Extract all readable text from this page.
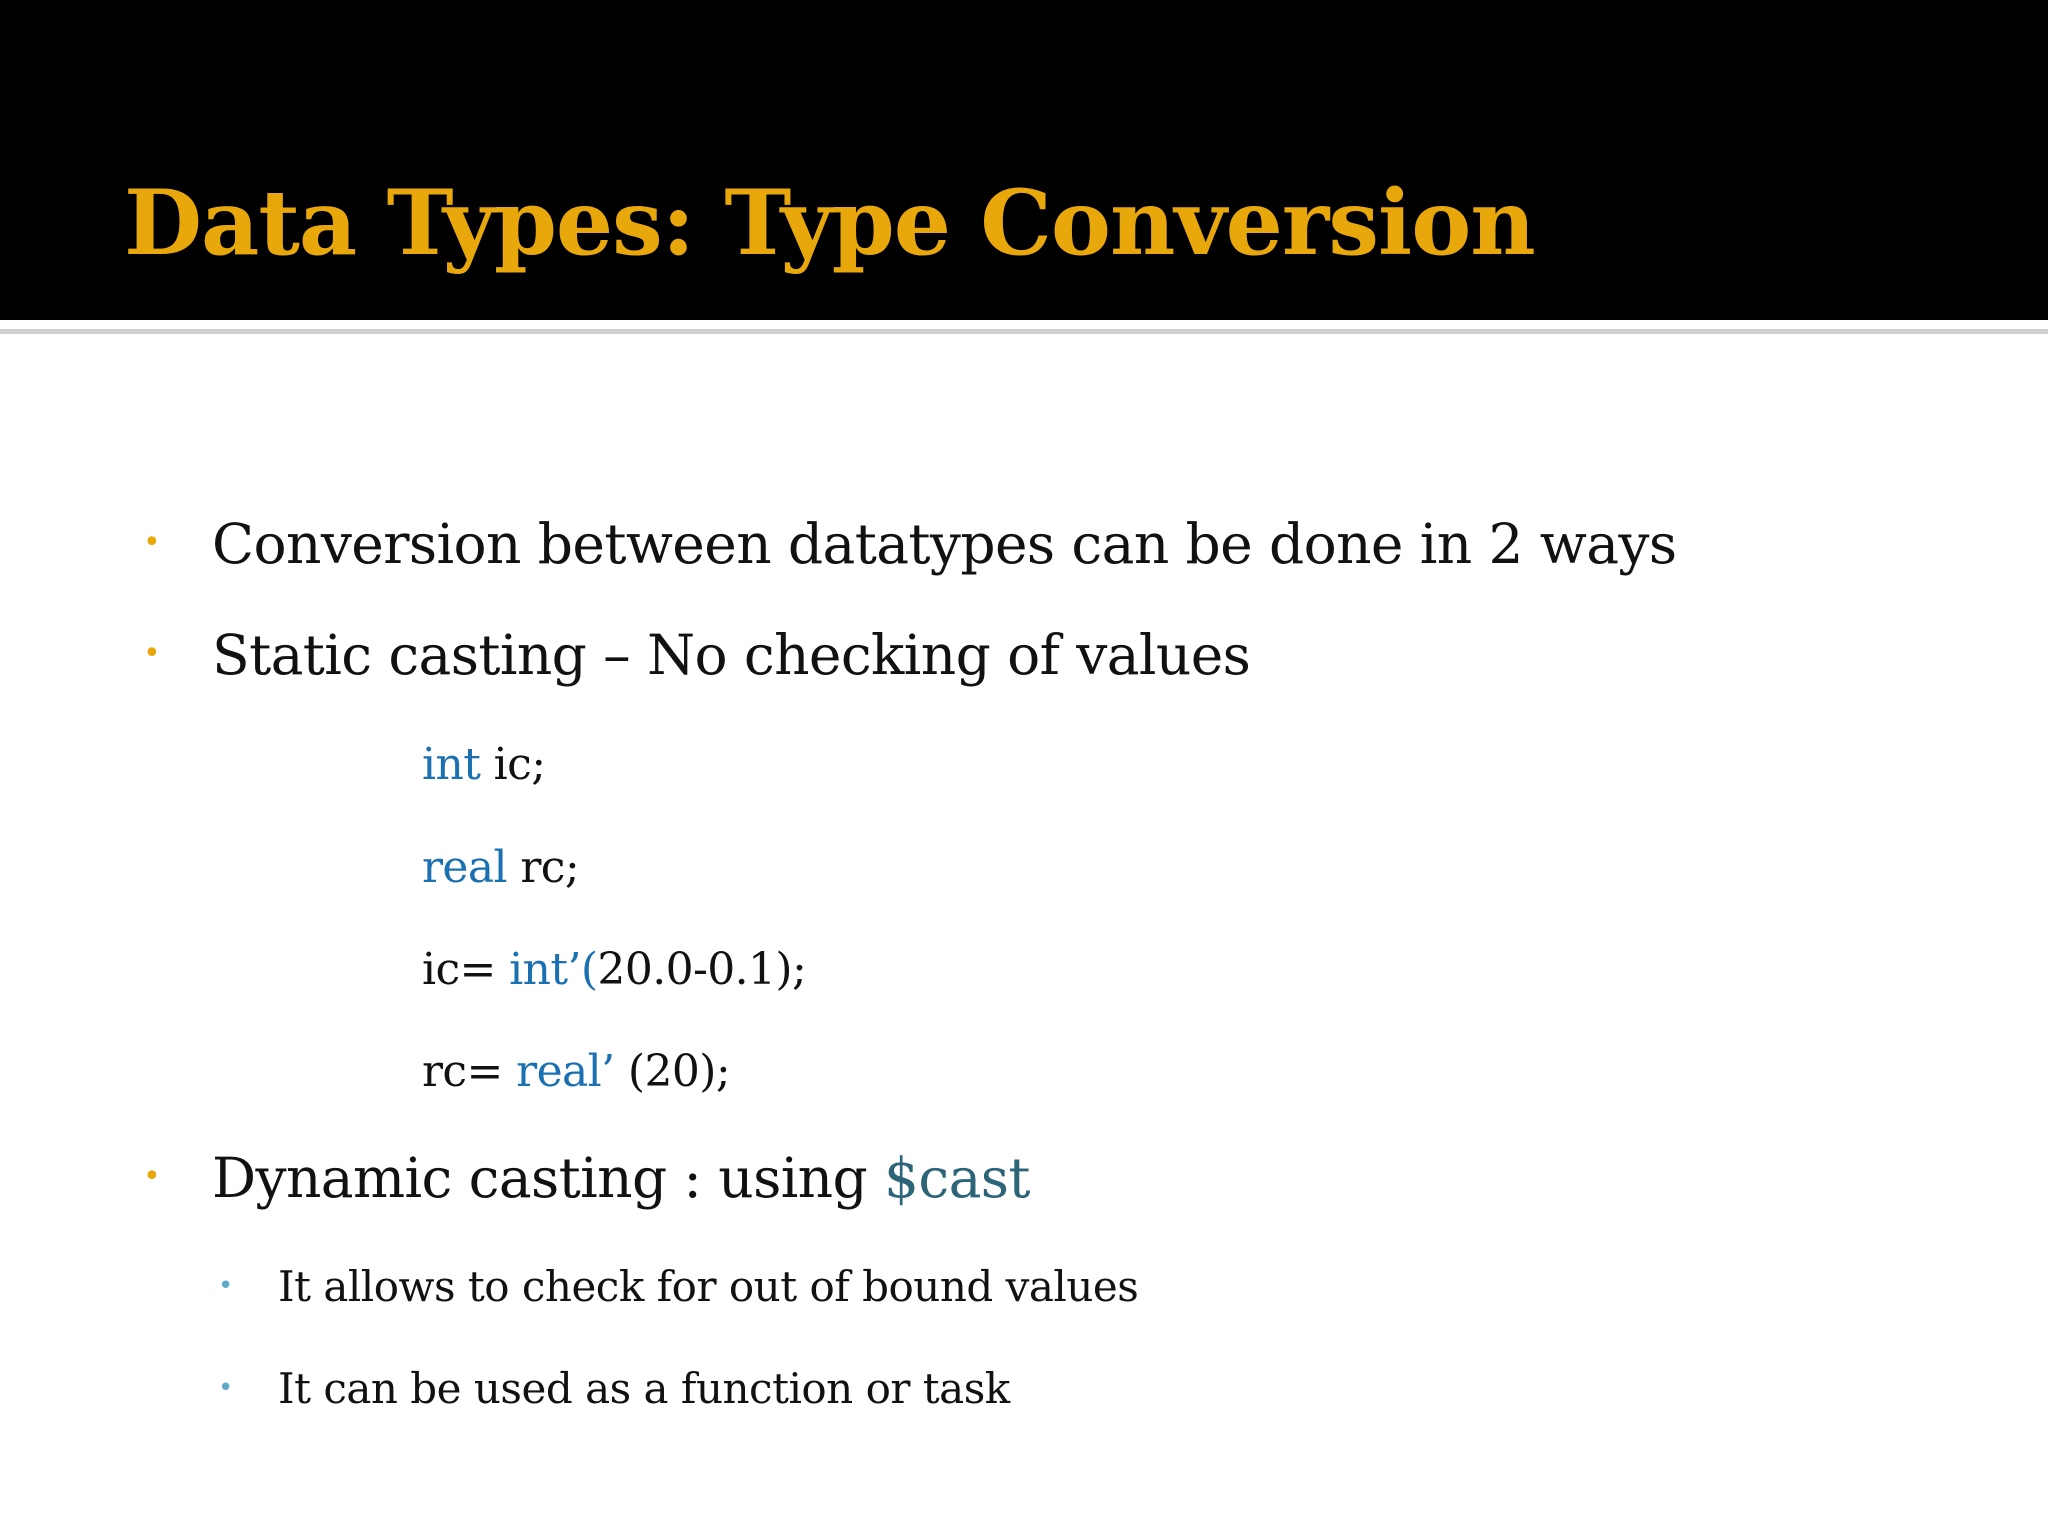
Data Types: Type Conversion
• Conversion between datatypes can be done in 2 ways
• Static casting – No checking of values
int ic;
real rc;
ic= int’(20.0-0.1);
rc= real’ (20);
• Dynamic casting : using $cast
• It allows to check for out of bound values
• It can be used as a function or task
